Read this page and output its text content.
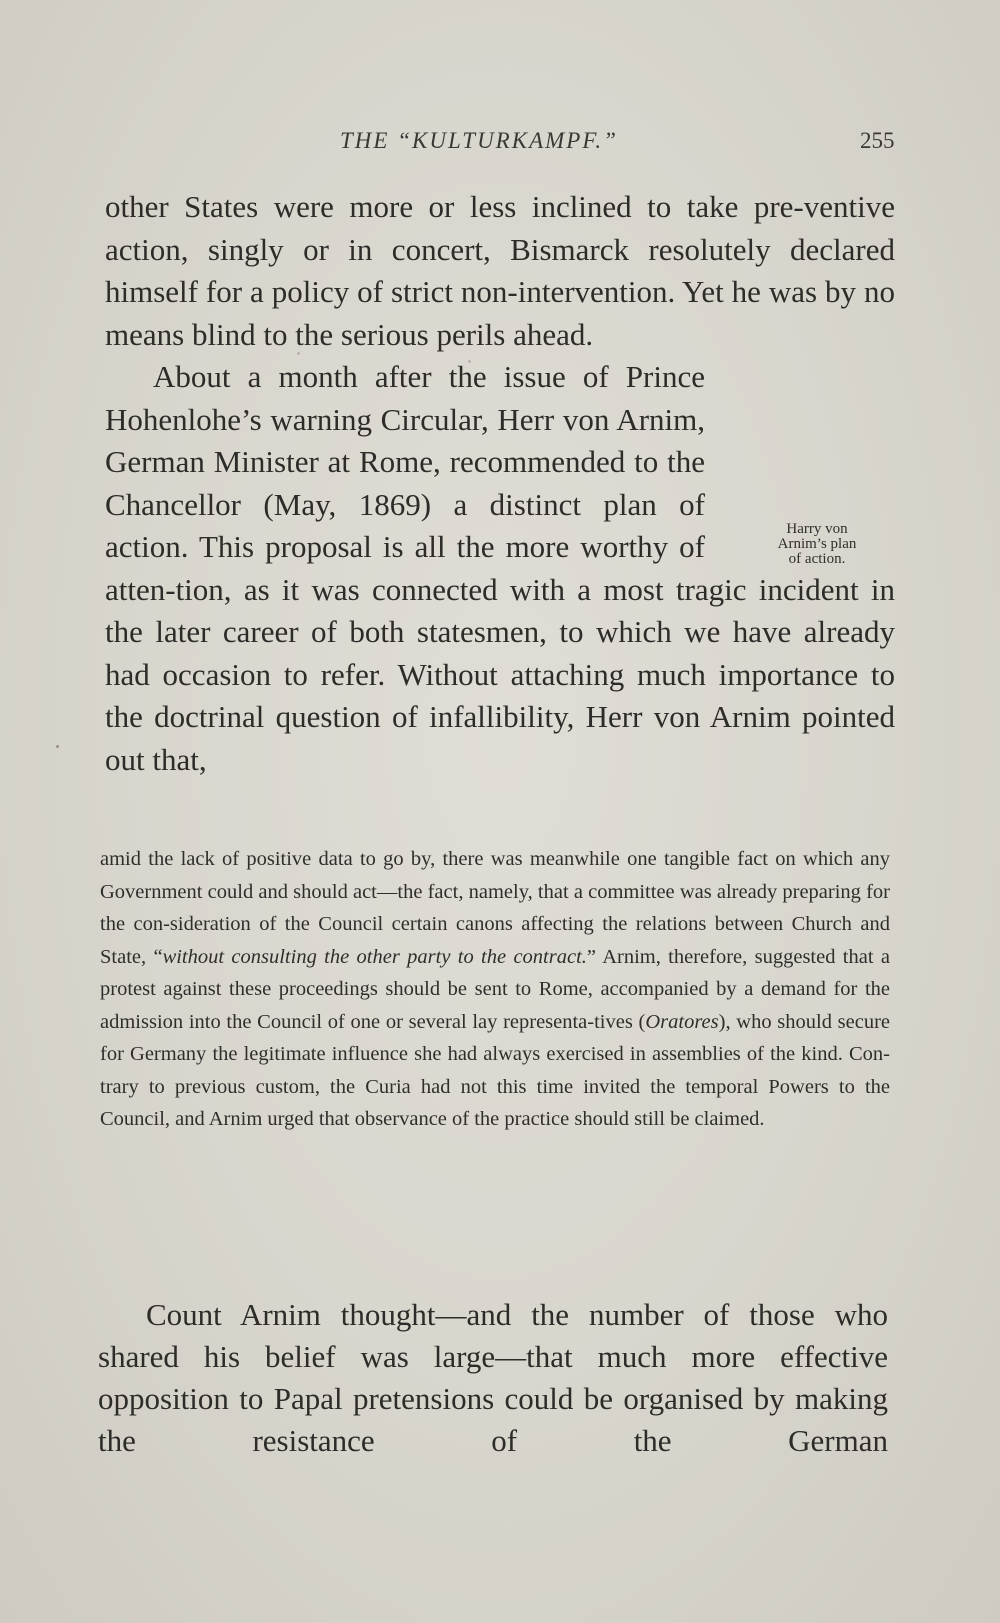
THE “KULTURKAMPF.”	255

other States were more or less inclined to take pre-ventive action, singly or in concert, Bismarck resolutely declared himself for a policy of strict non-intervention. Yet he was by no means blind to the serious perils ahead.

About a month after the issue of Prince Hohenlohe’s warning Circular, Herr von Arnim, German Minister at Rome, recommended to the Chancellor (May, 1869) a distinct plan of action. This proposal is all the more worthy of atten-tion, as it was connected with a most tragic incident in the later career of both statesmen, to which we have already had occasion to refer. Without attaching much importance to the doctrinal question of infallibility, Herr von Arnim pointed out that,

Harry von
Arnim’s plan
of action.

amid the lack of positive data to go by, there was meanwhile one tangible fact on which any Government could and should act—the fact, namely, that a committee was already preparing for the con-sideration of the Council certain canons affecting the relations between Church and State, “without consulting the other party to the contract.” Arnim, therefore, suggested that a protest against these proceedings should be sent to Rome, accompanied by a demand for the admission into the Council of one or several lay representa-tives (Oratores), who should secure for Germany the legitimate influence she had always exercised in assemblies of the kind. Con-trary to previous custom, the Curia had not this time invited the temporal Powers to the Council, and Arnim urged that observance of the practice should still be claimed.

Count Arnim thought—and the number of those who shared his belief was large—that much more effective opposition to Papal pretensions could be organised by making the resistance of the German
